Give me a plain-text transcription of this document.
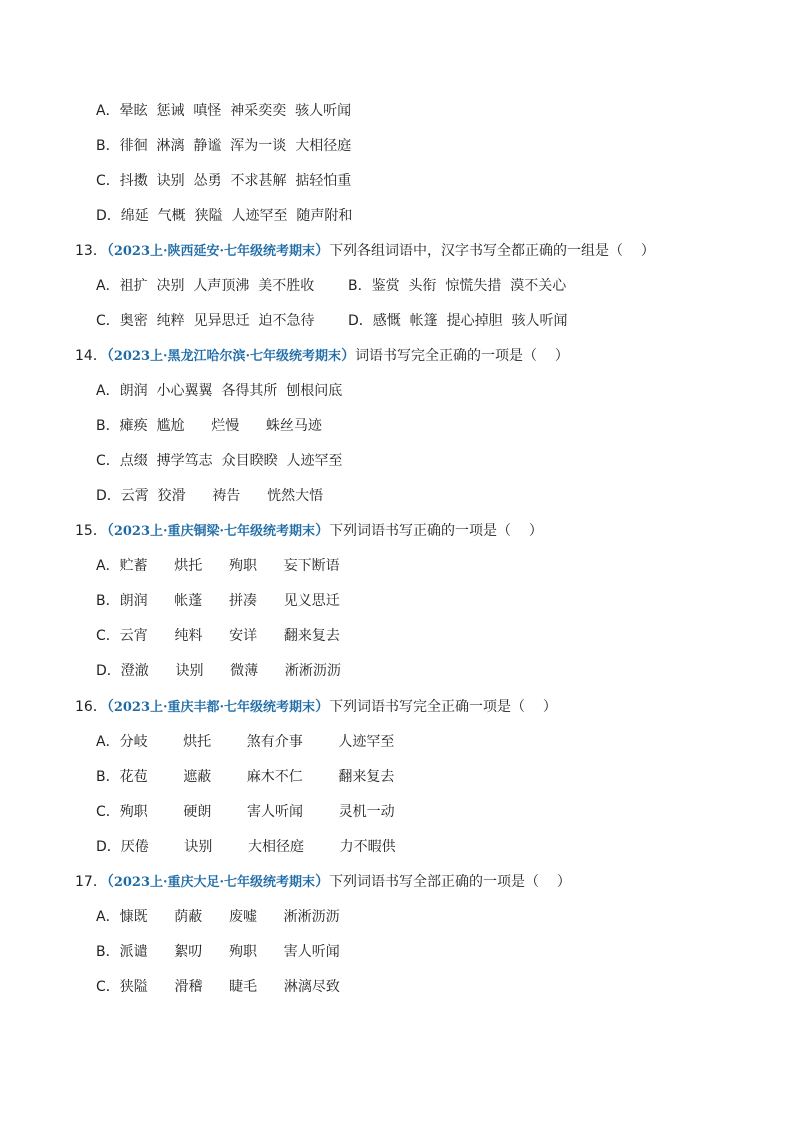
A．晕眩  惩诫  嗔怪  神采奕奕  骇人听闻
B．徘徊  淋漓  静谧  浑为一谈  大相径庭
C．抖擞  诀别  怂勇  不求甚解  掂轻怕重
D．绵延  气概  狭隘  人迹罕至  随声附和
13．（2023上·陕西延安·七年级统考期末）下列各组词语中，汉字书写全都正确的一组是（    ）
A．祖扩  决别  人声顶沸  美不胜收 B．鉴赏  头衔  惊慌失措  漠不关心
C．奥密  纯粹  见异思迁  迫不急待 D．感慨  帐篷  提心掉胆  骇人听闻
14．（2023上·黑龙江哈尔滨·七年级统考期末）词语书写完全正确的一项是（    ）
A．朗润  小心翼翼  各得其所  刨根问底
B．瘫痪  尴尬      烂慢      蛛丝马迹
C．点缀  搏学笃志  众目睽睽  人迹罕至
D．云霄  狡滑      祷告      恍然大悟
15．（2023上·重庆铜梁·七年级统考期末）下列词语书写正确的一项是（    ）
A．贮蓄      烘托      殉职      妄下断语
B．朗润      帐蓬      拼凑      见义思迁
C．云宵      纯料      安详      翻来复去
D．澄澈      诀别      微薄      淅淅沥沥
16．（2023上·重庆丰都·七年级统考期末）下列词语书写完全正确一项是（    ）
A．分岐        烘托        煞有介事        人迹罕至
B．花苞        遮蔽        麻木不仁        翻来复去
C．殉职        硬朗        害人听闻        灵机一动
D．厌倦        诀别        大相径庭        力不暇供
17．（2023上·重庆大足·七年级统考期末）下列词语书写全部正确的一项是（    ）
A．慷既      荫蔽      废嘘      淅淅沥沥
B．派谴      絮叨      殉职      害人听闻
C．狭隘      滑稽      睫毛      淋漓尽致
